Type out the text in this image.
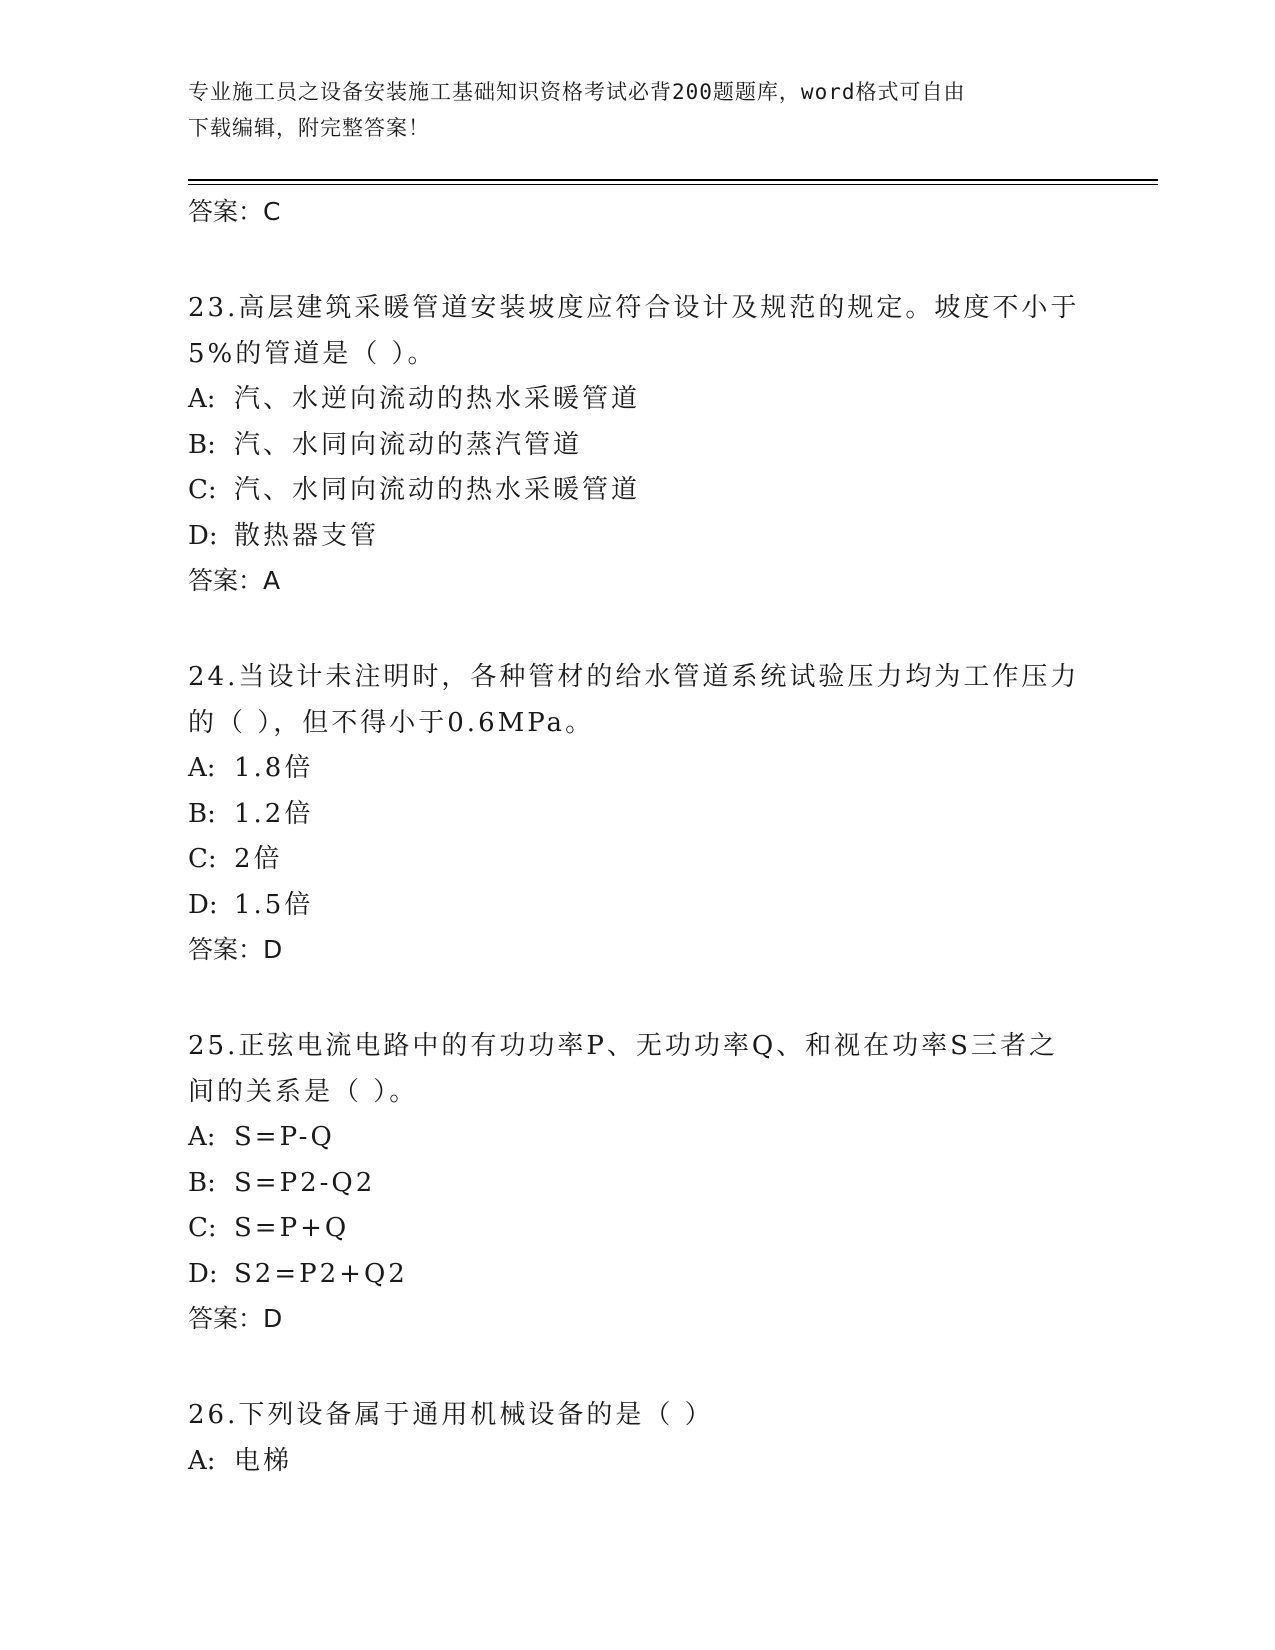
专业施工员之设备安装施工基础知识资格考试必背200题题库，word格式可自由
下载编辑，附完整答案！

答案：C

23.高层建筑采暖管道安装坡度应符合设计及规范的规定。坡度不小于

5%的管道是（ ）。

A: 汽、水逆向流动的热水采暖管道

B: 汽、水同向流动的蒸汽管道

C: 汽、水同向流动的热水采暖管道

D: 散热器支管

答案：A

24.当设计未注明时，各种管材的给水管道系统试验压力均为工作压力

的（ ），但不得小于0.6MPa。

A: 1.8倍

B: 1.2倍

C: 2倍

D: 1.5倍

答案：D

25.正弦电流电路中的有功功率P、无功功率Q、和视在功率S三者之

间的关系是（ ）。

A: S=P-Q

B: S=P2-Q2

C: S=P+Q

D: S2=P2+Q2

答案：D

26.下列设备属于通用机械设备的是（ ）

A: 电梯
